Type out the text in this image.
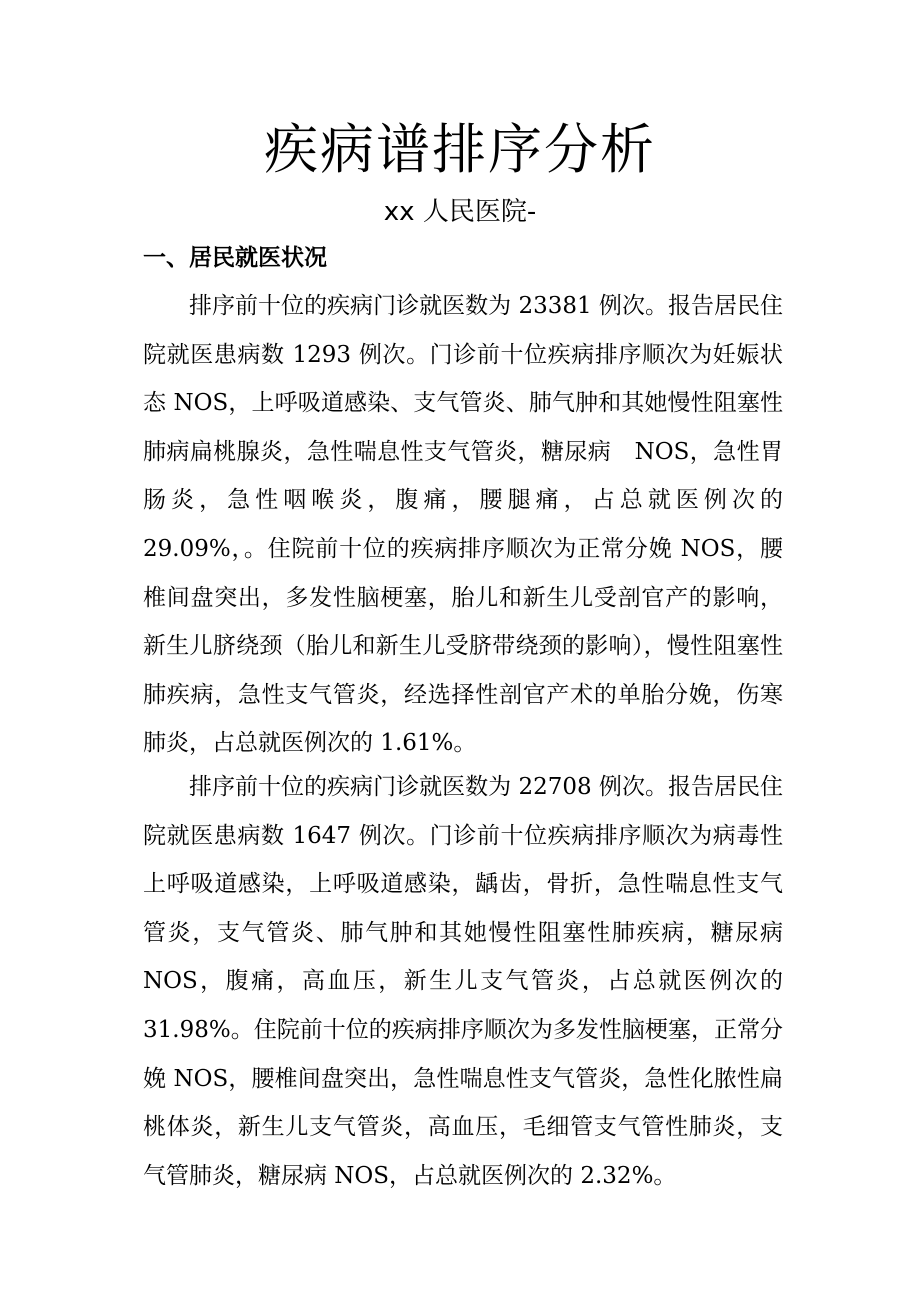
疾病谱排序分析
xx 人民医院-
一、居民就医状况

排序前十位的疾病门诊就医数为 23381 例次。报告居民住院就医患病数 1293 例次。门诊前十位疾病排序顺次为妊娠状态 NOS，上呼吸道感染、支气管炎、肺气肿和其她慢性阻塞性肺病扁桃腺炎，急性喘息性支气管炎，糖尿病　NOS，急性胃肠炎，急性咽喉炎，腹痛，腰腿痛，占总就医例次的29.09%，。住院前十位的疾病排序顺次为正常分娩 NOS，腰椎间盘突出，多发性脑梗塞，胎儿和新生儿受剖官产的影响，新生儿脐绕颈（胎儿和新生儿受脐带绕颈的影响），慢性阻塞性肺疾病，急性支气管炎，经选择性剖官产术的单胎分娩，伤寒肺炎，占总就医例次的 1.61%。

排序前十位的疾病门诊就医数为 22708 例次。报告居民住院就医患病数 1647 例次。门诊前十位疾病排序顺次为病毒性上呼吸道感染，上呼吸道感染，龋齿，骨折，急性喘息性支气管炎，支气管炎、肺气肿和其她慢性阻塞性肺疾病，糖尿病 NOS，腹痛，高血压，新生儿支气管炎，占总就医例次的 31.98%。住院前十位的疾病排序顺次为多发性脑梗塞，正常分娩 NOS，腰椎间盘突出，急性喘息性支气管炎，急性化脓性扁桃体炎，新生儿支气管炎，高血压，毛细管支气管性肺炎，支气管肺炎，糖尿病 NOS，占总就医例次的 2.32%。
